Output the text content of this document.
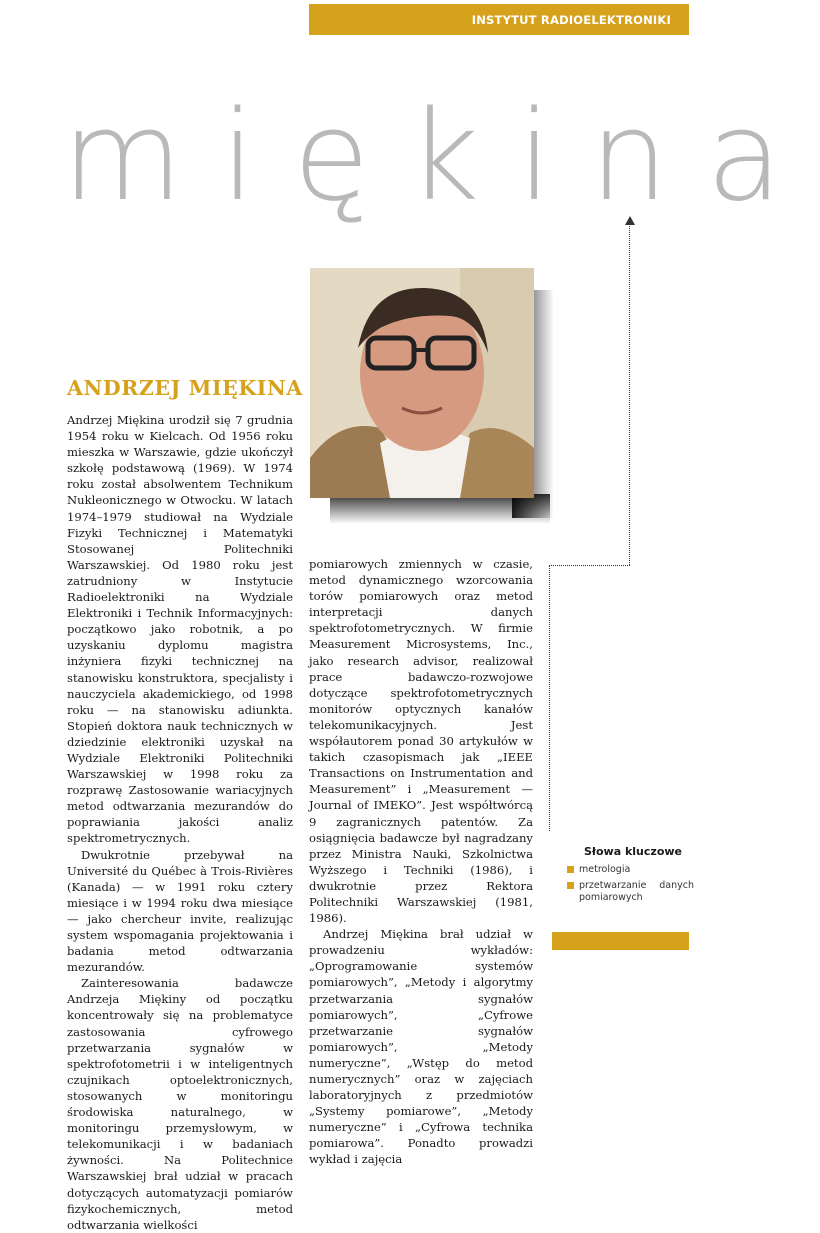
INSTYTUT RADIOELEKTRONIKI
miękina
ANDRZEJ MIĘKINA

Andrzej Miękina urodził się 7 grudnia 1954 roku w Kielcach. Od 1956 roku mieszka w Warszawie, gdzie ukończył szkołę podstawową (1969). W 1974 roku został absolwentem Technikum Nukleonicznego w Otwocku. W latach 1974–1979 studiował na Wydziale Fizyki Technicznej i Matematyki Stosowanej Politechniki Warszawskiej. Od 1980 roku jest zatrudniony w Instytucie Radioelektroniki na Wydziale Elektroniki i Technik Informacyjnych: początkowo jako robotnik, a po uzyskaniu dyplomu magistra inżyniera fizyki technicznej na stanowisku konstruktora, specjalisty i nauczyciela akademickiego, od 1998 roku — na stanowisku adiunkta. Stopień doktora nauk technicznych w dziedzinie elektroniki uzyskał na Wydziale Elektroniki Politechniki Warszawskiej w 1998 roku za rozprawę Zastosowanie wariacyjnych metod odtwarzania mezurandów do poprawiania jakości analiz spektrometrycznych.

Dwukrotnie przebywał na Université du Québec à Trois-Rivières (Kanada) — w 1991 roku cztery miesiące i w 1994 roku dwa miesiące — jako chercheur invite, realizując system wspomagania projektowania i badania metod odtwarzania mezurandów.

Zainteresowania badawcze Andrzeja Miękiny od początku koncentrowały się na problematyce zastosowania cyfrowego przetwarzania sygnałów w spektrofotometrii i w inteligentnych czujnikach optoelektronicznych, stosowanych w monitoringu środowiska naturalnego, w monitoringu przemysłowym, w telekomunikacji i w badaniach żywności. Na Politechnice Warszawskiej brał udział w pracach dotyczących automatyzacji pomiarów fizykochemicznych, metod odtwarzania wielkości

pomiarowych zmiennych w czasie, metod dynamicznego wzorcowania torów pomiarowych oraz metod interpretacji danych spektrofotometrycznych. W firmie Measurement Microsystems, Inc., jako research advisor, realizował prace badawczo-rozwojowe dotyczące spektrofotometrycznych monitorów optycznych kanałów telekomunikacyjnych. Jest współautorem ponad 30 artykułów w takich czasopismach jak „IEEE Transactions on Instrumentation and Measurement” i „Measurement — Journal of IMEKO”. Jest współtwórcą 9 zagranicznych patentów. Za osiągnięcia badawcze był nagradzany przez Ministra Nauki, Szkolnictwa Wyższego i Techniki (1986), i dwukrotnie przez Rektora Politechniki Warszawskiej (1981, 1986).

Andrzej Miękina brał udział w prowadzeniu wykładów: „Oprogramowanie systemów pomiarowych”, „Metody i algorytmy przetwarzania sygnałów pomiarowych”, „Cyfrowe przetwarzanie sygnałów pomiarowych”, „Metody numeryczne”, „Wstęp do metod numerycznych” oraz w zajęciach laboratoryjnych z przedmiotów „Systemy pomiarowe”, „Metody numeryczne” i „Cyfrowa technika pomiarowa”. Ponadto prowadzi wykład i zajęcia

Słowa kluczowe
metrologia
przetwarzanie danych pomiarowych
